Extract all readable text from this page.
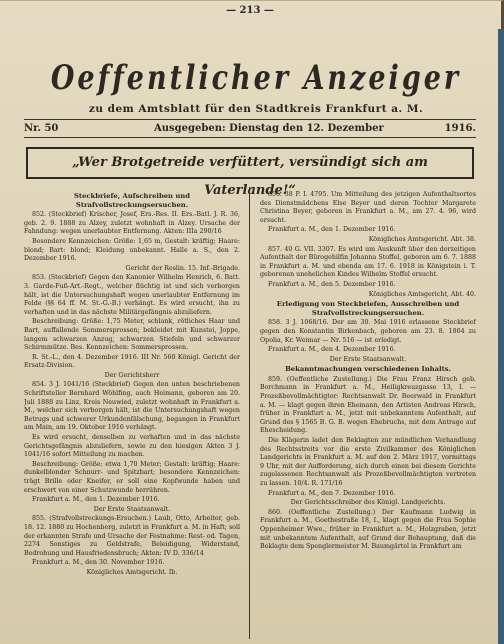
— 213 —
Oeffentlicher Anzeiger
zu dem Amtsblatt für den Stadtkreis Frankfurt a. M.
Nr. 50	Ausgegeben: Dienstag den 12. Dezember	1916.
„Wer Brotgetreide verfüttert, versündigt sich am Vaterlande!“

Steckbriefe, Aufschreiben und Strafvollstreckungsersuchen.

852. (Steckbrief) Krischer, Josef, Ers.-Res. II. Ers.-Batl. J. R. 36, geb. 2. 9. 1888 zu Alzey, zuletzt wohnhaft in Alzey. Ursache der Fahndung: wegen unerlaubter Entfernung. Akten: IIIa 290/16

Besondere Kennzeichen: Größe: 1,65 m, Gestalt: kräftig; Haare: blond; Bart: blond; Kleidung unbekannt. Halle a. S., den 2. Dezember 1916.

Gericht der Reslin. 15. Inf.-Brigade.

853. (Steckbrief) Gegen den Kanonier Wilhelm Henrich, 6. Batt. 3. Garde-Fuß-Art.-Regt., welcher flüchtig ist und sich verborgen hält, ist die Untersuchungshaft wegen unerlaubter Entfernung im Felde (§§ 64 ff. M. St.-G.-B.) verhängt. Es wird ersucht, ihn zu verhaften und in das nächste Militärgefängnis abzuliefern.

Beschreibung: Größe: 1,75 Meter, schlank, rötliches Haar und Bart, auffallende Sommersprossen; bekleidet mit Kunstei, Joppe, langem schwarzen Anzug, schwarzen Stiefeln und schwarzer Schirmmütze. Bes. Kennzeichen: Sommersprossen.

R. St.-L., den 4. Dezember 1916. III Nr. 560 Königl. Gericht der Ersatz-Division.

Der Gerichtsherr

854. 3 J. 1041/16 (Steckbrief) Gegen den unten beschriebenen Schriftsteller Bernhard Wöhlfing, auch Heimann, geboren am 20. Juli 1888 zu Linz, Kreis Neuwied, zuletzt wohnhaft in Frankfurt a. M., welcher sich verborgen hält, ist die Untersuchungshaft wegen Betrugs und schwerer Urkundenfälschung, begangen in Frankfurt am Main, am 19. Oktober 1916 verhängt.

Es wird ersucht, denselben zu verhaften und in das nächste Gerichtsgefängnis abzuliefern, sowie zu den hiesigen Akten 3 J. 1041/16 sofort Mitteilung zu machen.

Beschreibung: Größe: etwa 1,70 Meter; Gestalt: kräftig; Haare: dunkelblonder Schnurr- und Spitzbart; besondere Kennzeichen: trägt Brille oder Kneifer, er soll eine Kopfwunde haben und erschwert von einer Schutzwunde herrühren.

Frankfurt a. M., den 1. Dezember 1916.

Der Erste Staatsanwalt.

855. (Strafvollstreckungs-Ersuchen.) Laub, Otto, Arbeiter, geb. 18. 12. 1880 zu Hochenberg, zuletzt in Frankfurt a. M. in Haft; soll der erkannten Strafe und Ursache der Festnahme: Rest- od. Tagen, 2274 Sonstiges zu Geldstrafe, Beleidigung, Widerstand, Bedrohung und Hausfriedensbruch; Akten: IV D. 336/14

Frankfurt a. M., den 30. November 1916.

Königliches Amtsgericht. Ib.

856. 38 P. I. 4795. Um Mitteilung des jetzigen Aufenthaltsortes des Dienstmädchens Else Beyer und deren Tochter Margarete Christina Beyer, geboren in Frankfurt a. M., am 27. 4. 96, wird ersucht.

Frankfurt a. M., den 1. Dezember 1916.

Königliches Amtsgericht. Abt. 38.

857. 40 G. VII. 3307. Es wird um Auskunft über den derzeitigen Aufenthalt der Bürogehilfin Johanna Stoffel, geboren am 6. 7. 1888 in Frankfurt a. M. und ebenda am 17. 6. 1918 in Königstein i. T. geborenen unehelichen Kindes Wilhelm Stoffel ersucht.

Frankfurt a. M., den 5. Dezember 1916.

Königliches Amtsgericht, Abt. 40.

Erledigung von Steckbriefen, Ausschreiben und Strafvollstreckungsersuchen.

858. 3 J. 1068/16. Der am 30. Mai 1916 erlassene Steckbrief gegen den Konstantin Birkenbach, geboren am 23. 8. 1864 zu Opolia, Kr. Weimar — Nr. 516 — ist erledigt.

Frankfurt a. M., den 4. Dezember 1916.

Der Erste Staatsanwalt.

Bekanntmachungen verschiedenen Inhalts.

859. (Oeffentliche Zustellung.) Die Frau Franz Hirsch geb. Borchmann in Frankfurt a. M., Heiligkreuzgasse 13, I. — Prozeßbevollmächtigter: Rechtsanwalt Dr. Beerwald in Frankfurt a. M. — klagt gegen ihren Ehemann, den Artisten Andreas Hirsch, früher in Frankfurt a. M., jetzt mit unbekanntem Aufenthalt, auf Grund des § 1565 B. G. B. wegen Ehebruchs, mit dem Antrage auf Ehescheidung.

Die Klägerin ladet den Beklagten zur mündlichen Verhandlung des Rechtsstreits vor die erste Zivilkammer des Königlichen Landgerichts in Frankfurt a. M. auf den 2. März 1917, vormittags 9 Uhr, mit der Aufforderung, sich durch einen bei diesem Gerichte zugelassenen Rechtsanwalt als Prozeßbevollmächtigten vertreten zu lassen. 10/4. R. 171/16

Frankfurt a. M., den 7. Dezember 1916.

Der Gerichtsschreiber des Königl. Landgerichts.

860. (Oeffentliche Zustellung.) Der Kaufmann Ludwig in Frankfurt a. M., Goethestraße 18, I., klagt gegen die Frau Sophie Oppenheimer Wwe., früher in Frankfurt a. M., Holzgraben, jetzt mit unbekanntem Aufenthalt, auf Grund der Behauptung, daß die Beklagte dem Spenglermeister M. Baumgärtel in Frankfurt am
